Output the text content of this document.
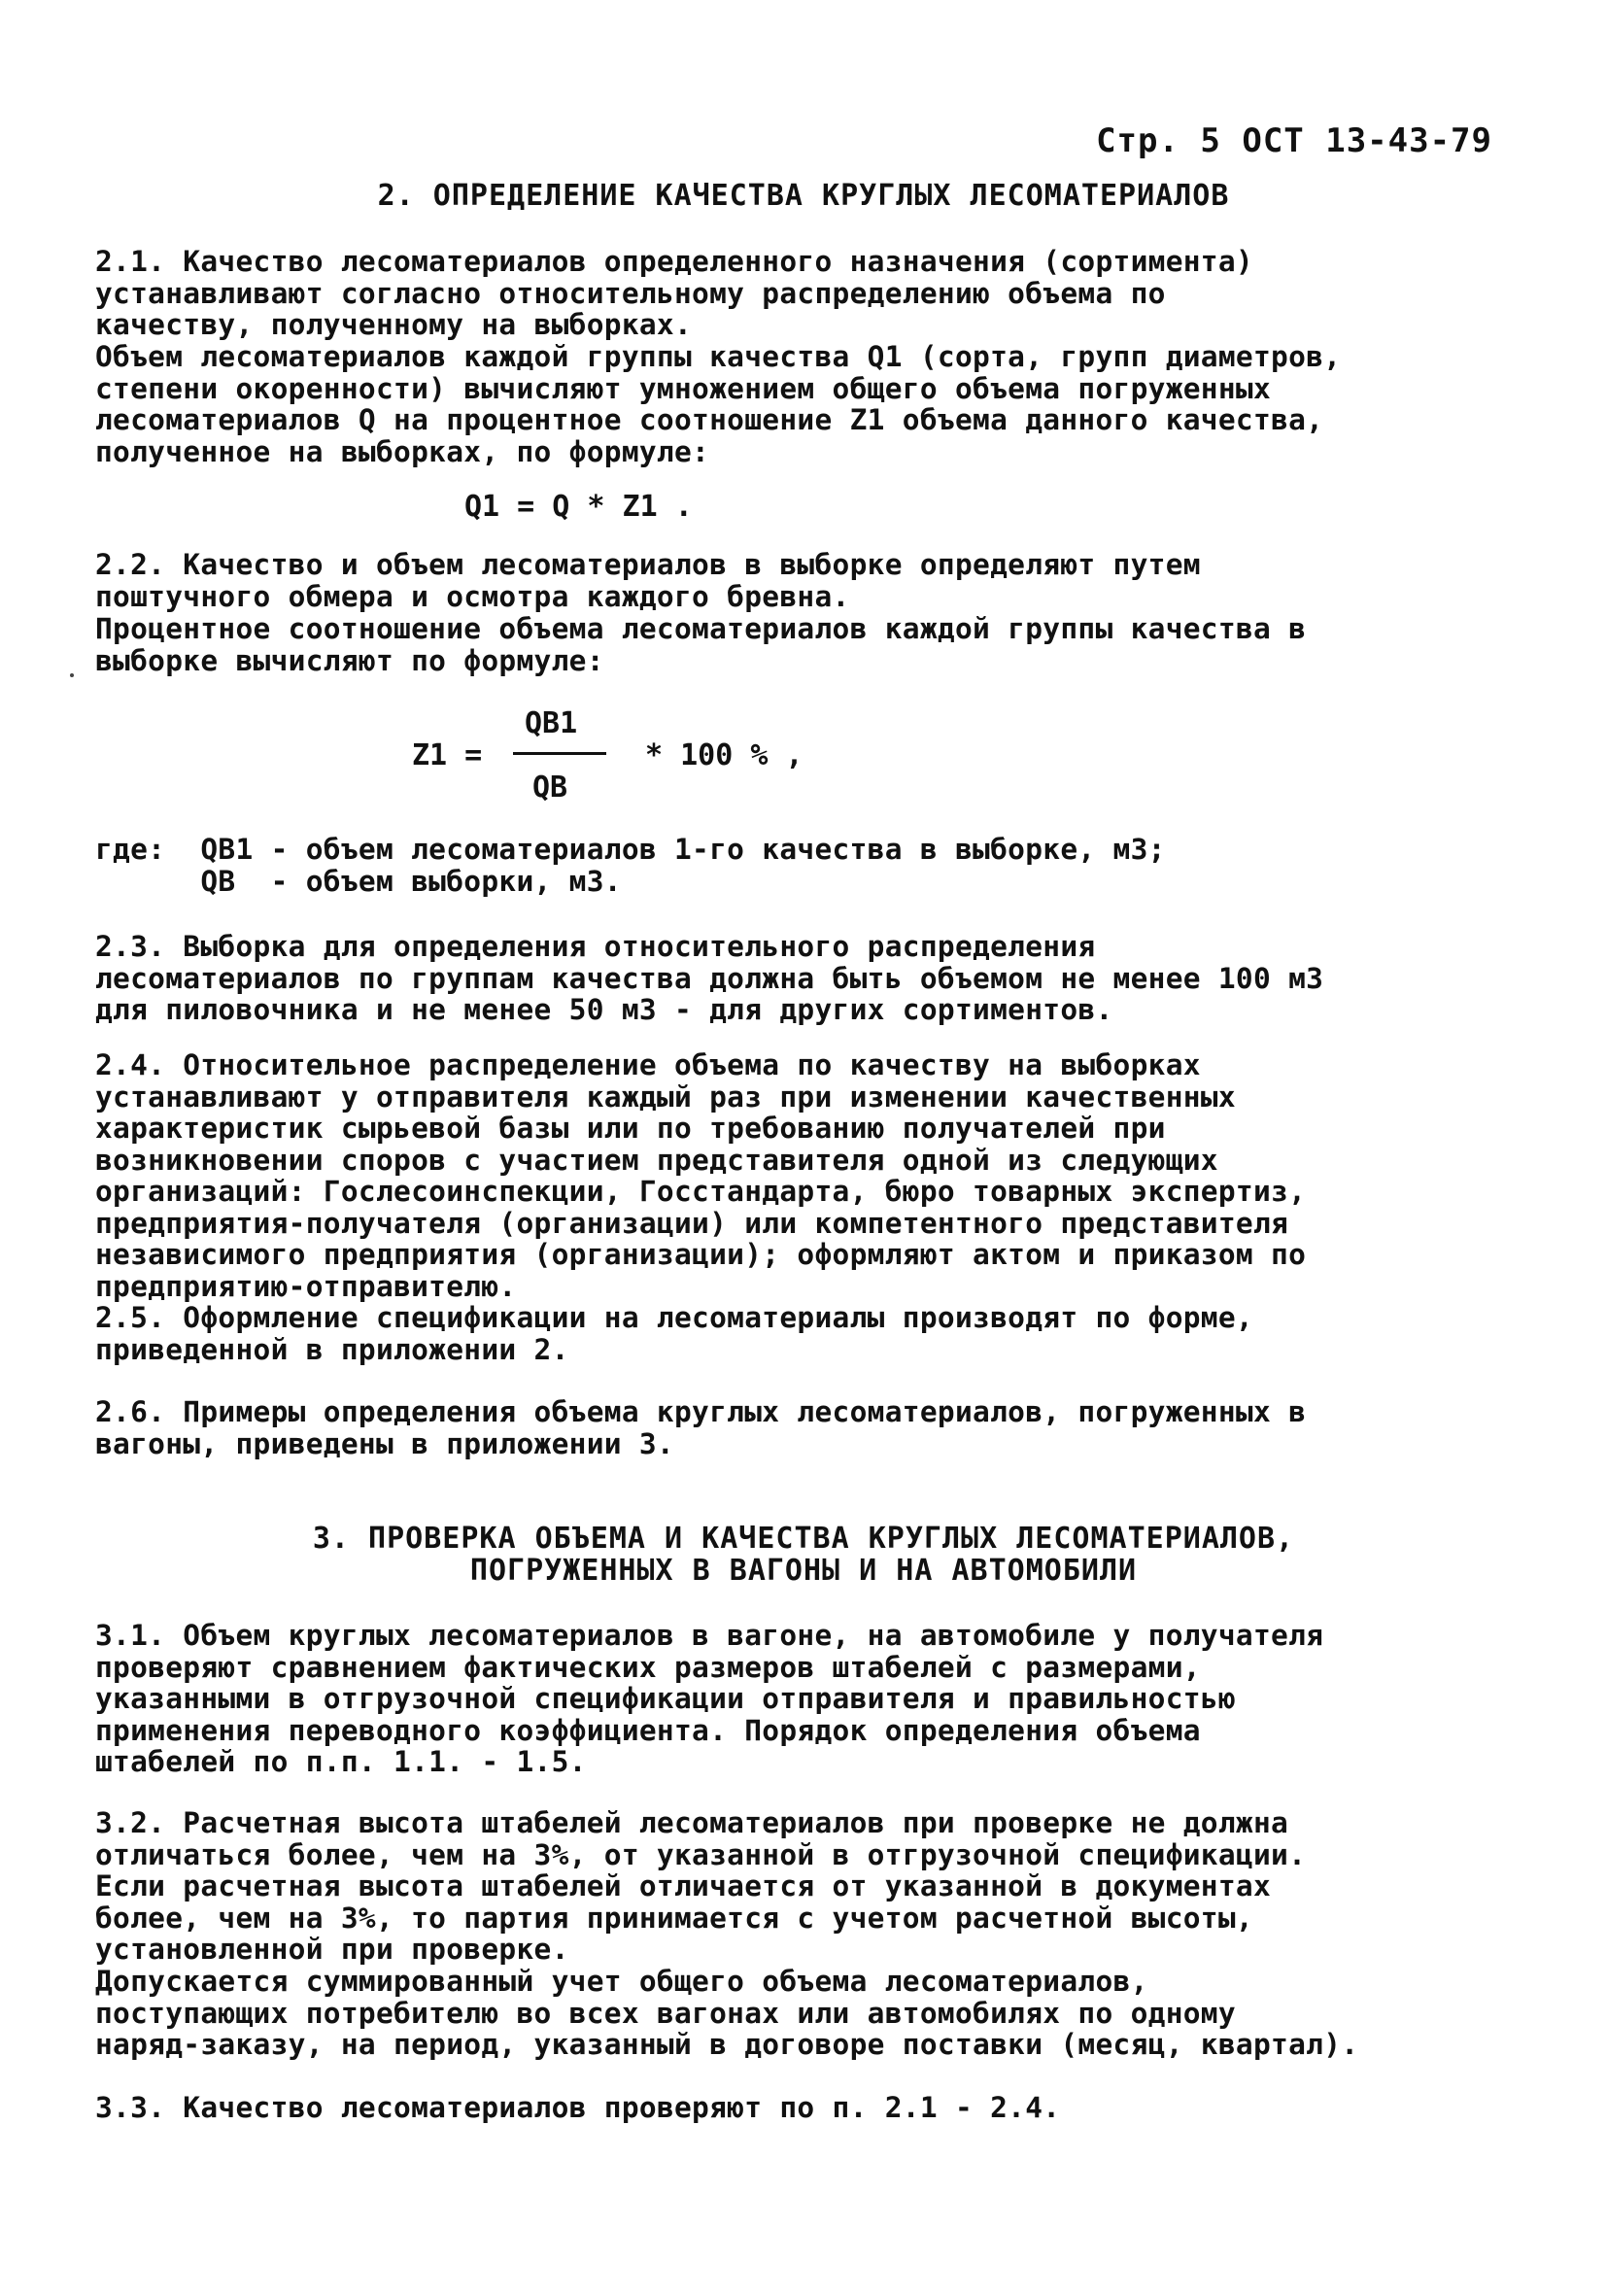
Стр. 5 ОСТ 13-43-79
2. ОПРЕДЕЛЕНИЕ КАЧЕСТВА КРУГЛЫХ ЛЕСОМАТЕРИАЛОВ
2.1. Качество лесоматериалов определенного назначения (сортимента)
устанавливают согласно относительному распределению объема по
качеству, полученному на выборках.
Объем лесоматериалов каждой группы качества Q1 (сорта, групп диаметров,
степени окоренности) вычисляют умножением общего объема погруженных
лесоматериалов Q на процентное соотношение Z1 объема данного качества,
полученное на выборках, по формуле:
Q1 = Q * Z1 .
2.2. Качество и объем лесоматериалов в выборке определяют путем
поштучного обмера и осмотра каждого бревна.
Процентное соотношение объема лесоматериалов каждой группы качества в
выборке вычисляют по формуле:
Z1 =
QB1
QB
* 100 % ,
где:  QB1 - объем лесоматериалов 1-го качества в выборке, м3;
QB  - объем выборки, м3.
2.3. Выборка для определения относительного распределения
лесоматериалов по группам качества должна быть объемом не менее 100 м3
для пиловочника и не менее 50 м3 - для других сортиментов.
2.4. Относительное распределение объема по качеству на выборках
устанавливают у отправителя каждый раз при изменении качественных
характеристик сырьевой базы или по требованию получателей при
возникновении споров с участием представителя одной из следующих
организаций: Гослесоинспекции, Госстандарта, бюро товарных экспертиз,
предприятия-получателя (организации) или компетентного представителя
независимого предприятия (организации); оформляют актом и приказом по
предприятию-отправителю.
2.5. Оформление спецификации на лесоматериалы производят по форме,
приведенной в приложении 2.
2.6. Примеры определения объема круглых лесоматериалов, погруженных в
вагоны, приведены в приложении 3.
3. ПРОВЕРКА ОБЪЕМА И КАЧЕСТВА КРУГЛЫХ ЛЕСОМАТЕРИАЛОВ,
ПОГРУЖЕННЫХ В ВАГОНЫ И НА АВТОМОБИЛИ
3.1. Объем круглых лесоматериалов в вагоне, на автомобиле у получателя
проверяют сравнением фактических размеров штабелей с размерами,
указанными в отгрузочной спецификации отправителя и правильностью
применения переводного коэффициента. Порядок определения объема
штабелей по п.п. 1.1. - 1.5.
3.2. Расчетная высота штабелей лесоматериалов при проверке не должна
отличаться более, чем на 3%, от указанной в отгрузочной спецификации.
Если расчетная высота штабелей отличается от указанной в документах
более, чем на 3%, то партия принимается с учетом расчетной высоты,
установленной при проверке.
Допускается суммированный учет общего объема лесоматериалов,
поступающих потребителю во всех вагонах или автомобилях по одному
наряд-заказу, на период, указанный в договоре поставки (месяц, квартал).
3.3. Качество лесоматериалов проверяют по п. 2.1 - 2.4.
